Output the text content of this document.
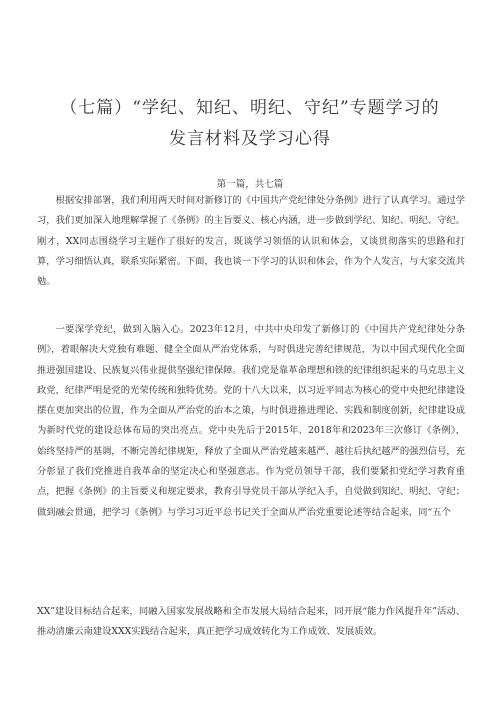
（七篇）“学纪、知纪、明纪、守纪”专题学习的
发言材料及学习心得
第一篇，共七篇
根据安排部署，我们利用两天时间对新修订的《中国共产党纪律处分条例》进行了认真学习。通过学习，我们更加深入地理解掌握了《条例》的主旨要义、核心内涵，进一步做到学纪、知纪、明纪、守纪。刚才，XX同志围绕学习主题作了很好的发言，既谈学习领悟的认识和体会，又谈贯彻落实的思路和打算，学习细悟认真，联系实际紧密。下面，我也谈一下学习的认识和体会，作为个人发言，与大家交流共勉。
一要深学党纪，做到入脑入心。2023年12月，中共中央印发了新修订的《中国共产党纪律处分条例》，着眼解决大党独有难题、健全全面从严治党体系，与时俱进完善纪律规范，为以中国式现代化全面推进强国建设、民族复兴伟业提供坚强纪律保障。我们党是靠革命理想和铁的纪律组织起来的马克思主义政党，纪律严明是党的光荣传统和独特优势。党的十八大以来，以习近平同志为核心的党中央把纪律建设摆在更加突出的位置，作为全面从严治党的治本之策，与时俱进推进理论、实践和制度创新，纪律建设成为新时代党的建设总体布局的突出亮点。党中央先后于2015年、2018年和2023年三次修订《条例》，始终坚持严的基调，不断完善纪律规矩，释放了全面从严治党越来越严、越往后执纪越严的强烈信号，充分彰显了我们党推进自我革命的坚定决心和坚强意志。作为党员领导干部，我们要紧扣党纪学习教育重点，把握《条例》的主旨要义和规定要求，教育引导党员干部从学纪入手，自觉做到知纪、明纪、守纪；做到融会贯通，把学习《条例》与学习习近平总书记关于全面从严治党重要论述等结合起来，同“五个
XX”建设目标结合起来，同融入国家发展战略和全市发展大局结合起来，同开展“能力作风提升年”活动、推动清廉云南建设XXX实践结合起来，真正把学习成效转化为工作成效、发展质效。
